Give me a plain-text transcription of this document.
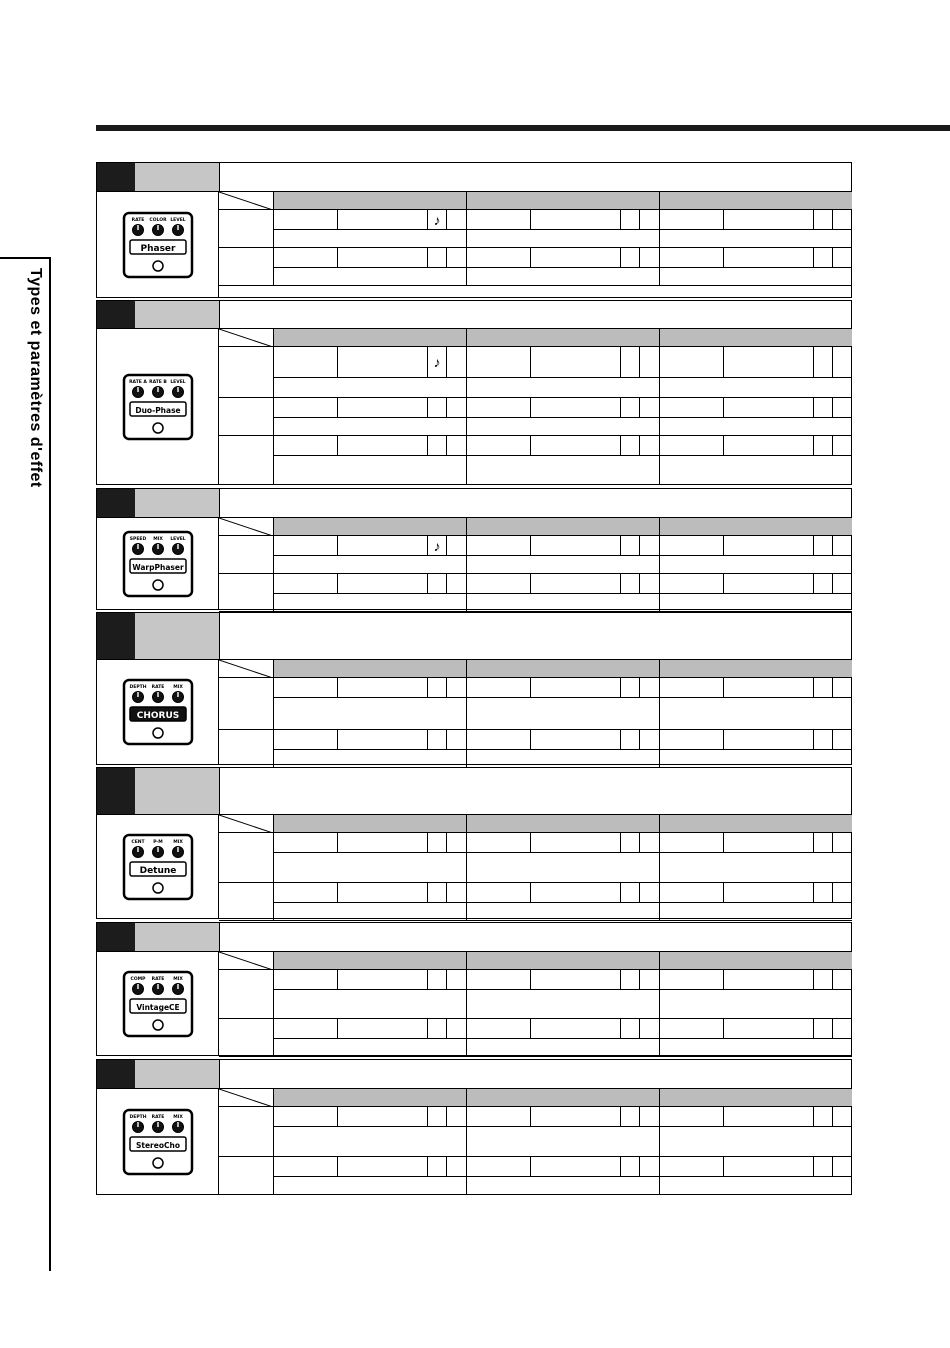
Types et paramètres d'effet
RATE COLOR LEVEL
Phaser
♪
RATE A RATE B LEVEL
Duo-Phase
♪
SPEED MIX LEVEL
WarpPhaser
♪
DEPTH RATE MIX
CHORUS
CENT P-M MIX
Detune
COMP RATE MIX
VintageCE
DEPTH RATE MIX
StereoCho
